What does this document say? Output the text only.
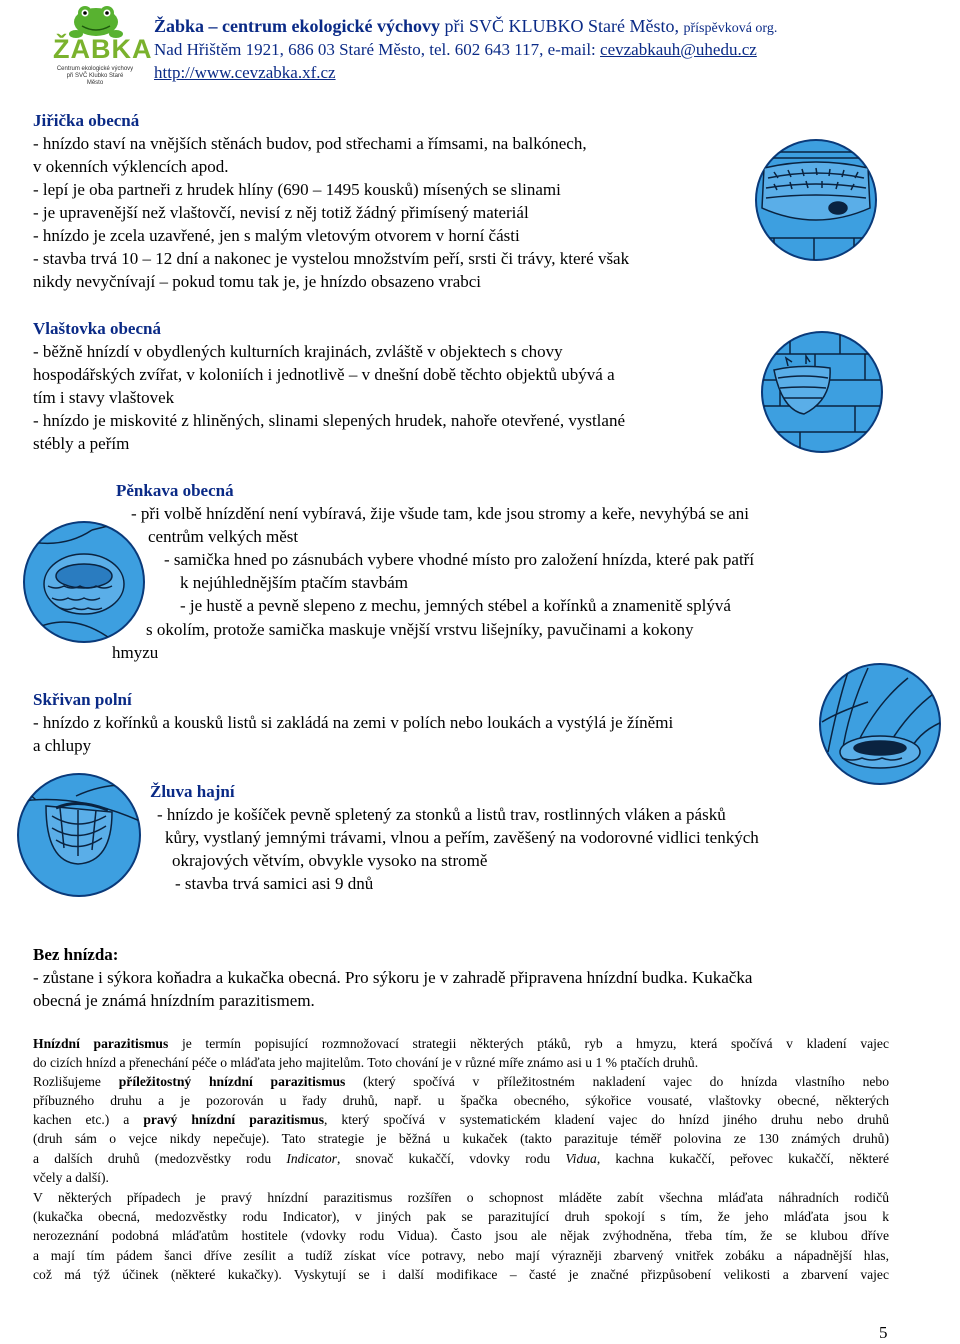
ŽABKA
Centrum ekologické výchovy
při SVČ Klubko Staré
Město
Žabka – centrum ekologické výchovy při SVČ KLUBKO Staré Město, příspěvková org.
Nad Hřištěm 1921, 686 03 Staré Město, tel. 602 643 117, e-mail: cevzabkauh@uhedu.cz
http://www.cevzabka.xf.cz
Jiřička obecná
- hnízdo staví na vnějších stěnách budov, pod střechami a římsami, na balkónech,
v okenních výklencích apod.
- lepí je oba partneři z hrudek hlíny (690 – 1495 kousků) mísených se slinami
- je upravenější než vlaštovčí, nevisí z něj totiž žádný přimísený materiál
- hnízdo je zcela uzavřené, jen s malým vletovým otvorem v horní části
- stavba trvá 10 – 12 dní a nakonec je vystelou množstvím peří, srsti či trávy, které však
nikdy nevyčnívají – pokud tomu tak je, je hnízdo obsazeno vrabci
Vlaštovka obecná
- běžně hnízdí v obydlených kulturních krajinách, zvláště v objektech s chovy
hospodářských zvířat, v koloniích i jednotlivě – v dnešní době těchto objektů ubývá a
tím i stavy vlaštovek
- hnízdo je miskovité z hliněných, slinami slepených hrudek, nahoře otevřené, vystlané
stébly a peřím
Pěnkava obecná
- při volbě hnízdění není vybíravá, žije všude tam, kde jsou stromy a keře, nevyhýbá se ani
centrům velkých měst
- samička hned po zásnubách vybere vhodné místo pro založení hnízda, které pak patří
k nejúhlednějším ptačím stavbám
- je hustě a pevně slepeno z mechu, jemných stébel a kořínků a znamenitě splývá
s okolím, protože samička maskuje vnější vrstvu lišejníky, pavučinami a kokony
hmyzu
Skřivan polní
- hnízdo z kořínků a kousků listů si zakládá na zemi v polích nebo loukách a vystýlá je žíněmi
a chlupy
Žluva hajní
- hnízdo je košíček pevně spletený za stonků a listů trav, rostlinných vláken a pásků
kůry, vystlaný jemnými trávami, vlnou a peřím, zavěšený na vodorovné vidlici tenkých
okrajových větvím, obvykle vysoko na stromě
- stavba trvá samici asi 9 dnů
Bez hnízda:
- zůstane i sýkora koňadra a kukačka obecná. Pro sýkoru je v zahradě připravena hnízdní budka. Kukačka
obecná je známá hnízdním parazitismem.
Hnízdní parazitismus je termín popisující rozmnožovací strategii některých ptáků, ryb a hmyzu, která spočívá v kladení vajec
do cizích hnízd a přenechání péče o mláďata jeho majitelům. Toto chování je v různé míře známo asi u 1 % ptačích druhů.
Rozlišujeme příležitostný hnízdní parazitismus (který spočívá v příležitostném nakladení vajec do hnízda vlastního nebo
příbuzného druhu a je pozorován u řady druhů, např. u špačka obecného, sýkořice vousaté, vlaštovky obecné, některých
kachen etc.) a pravý hnízdní parazitismus, který spočívá v systematickém kladení vajec do hnízd jiného druhu nebo druhů
(druh sám o vejce nikdy nepečuje). Tato strategie je běžná u kukaček (takto parazituje téměř polovina ze 130 známých druhů)
a dalších druhů (medozvěstky rodu Indicator, snovač kukaččí, vdovky rodu Vidua, kachna kukaččí, peřovec kukaččí, některé
včely a další).
V některých případech je pravý hnízdní parazitismus rozšířen o schopnost mláděte zabít všechna mláďata náhradních rodičů
(kukačka obecná, medozvěstky rodu Indicator), v jiných pak se parazitující druh spokojí s tím, že jeho mláďata jsou k
nerozeznání podobná mláďatům hostitele (vdovky rodu Vidua). Často jsou ale nějak zvýhodněna, třeba tím, že se klubou dříve
a mají tím pádem šanci dříve zesílit a tudíž získat více potravy, nebo mají výrazněji zbarvený vnitřek zobáku a nápadnější hlas,
což má týž účinek (některé kukačky). Vyskytují se i další modifikace – časté je značné přizpůsobení velikosti a zbarvení vajec
5
